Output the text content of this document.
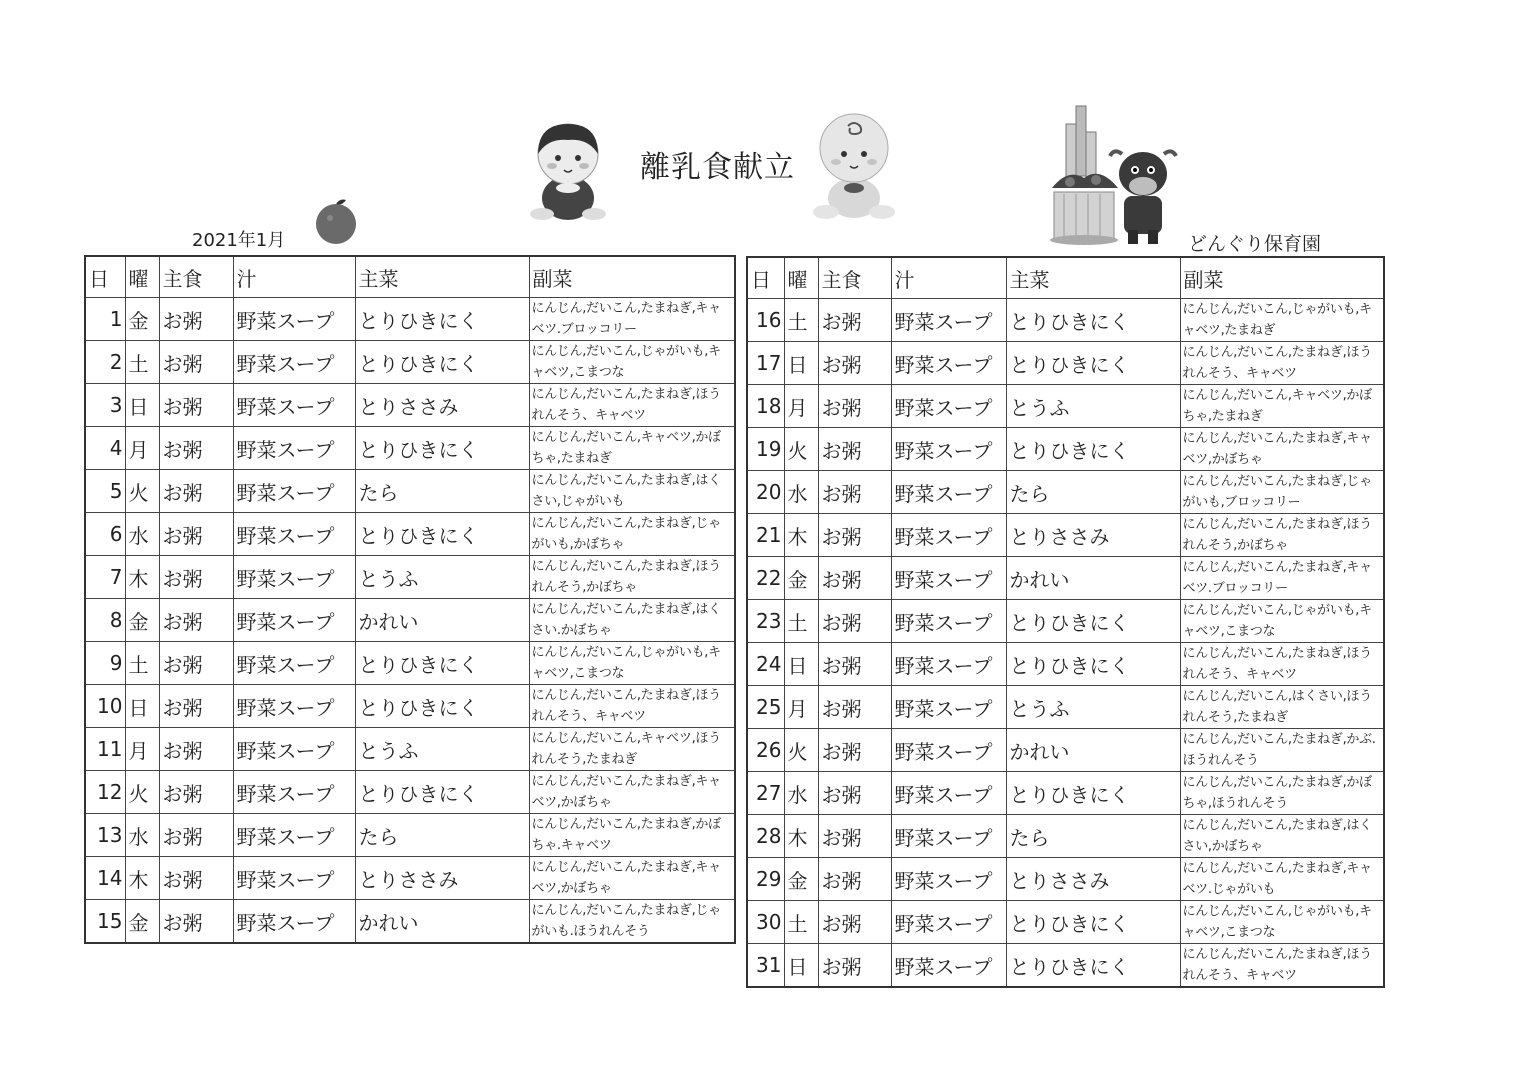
離乳食献立
2021年1月	どんぐり保育園
日	曜	主食	汁	主菜	副菜
1	金	お粥	野菜スープ	とりひきにく	にんじん,だいこん,たまねぎ,キャベツ.ブロッコリー
2	土	お粥	野菜スープ	とりひきにく	にんじん,だいこん,じゃがいも,キャベツ,こまつな
3	日	お粥	野菜スープ	とりささみ	にんじん,だいこん,たまねぎ,ほうれんそう、キャベツ
4	月	お粥	野菜スープ	とりひきにく	にんじん,だいこん,キャベツ,かぼちゃ,たまねぎ
5	火	お粥	野菜スープ	たら	にんじん,だいこん,たまねぎ,はくさい,じゃがいも
6	水	お粥	野菜スープ	とりひきにく	にんじん,だいこん,たまねぎ,じゃがいも,かぼちゃ
7	木	お粥	野菜スープ	とうふ	にんじん,だいこん,たまねぎ,ほうれんそう,かぼちゃ
8	金	お粥	野菜スープ	かれい	にんじん,だいこん,たまねぎ,はくさい.かぼちゃ
9	土	お粥	野菜スープ	とりひきにく	にんじん,だいこん,じゃがいも,キャベツ,こまつな
10	日	お粥	野菜スープ	とりひきにく	にんじん,だいこん,たまねぎ,ほうれんそう、キャベツ
11	月	お粥	野菜スープ	とうふ	にんじん,だいこん,キャベツ,ほうれんそう,たまねぎ
12	火	お粥	野菜スープ	とりひきにく	にんじん,だいこん,たまねぎ,キャベツ,かぼちゃ
13	水	お粥	野菜スープ	たら	にんじん,だいこん,たまねぎ,かぼちゃ.キャベツ
14	木	お粥	野菜スープ	とりささみ	にんじん,だいこん,たまねぎ,キャベツ,かぼちゃ
15	金	お粥	野菜スープ	かれい	にんじん,だいこん,たまねぎ,じゃがいも.ほうれんそう
日	曜	主食	汁	主菜	副菜
16	土	お粥	野菜スープ	とりひきにく	にんじん,だいこん,じゃがいも,キャベツ,たまねぎ
17	日	お粥	野菜スープ	とりひきにく	にんじん,だいこん,たまねぎ,ほうれんそう、キャベツ
18	月	お粥	野菜スープ	とうふ	にんじん,だいこん,キャベツ,かぼちゃ,たまねぎ
19	火	お粥	野菜スープ	とりひきにく	にんじん,だいこん,たまねぎ,キャベツ,かぼちゃ
20	水	お粥	野菜スープ	たら	にんじん,だいこん,たまねぎ,じゃがいも,ブロッコリー
21	木	お粥	野菜スープ	とりささみ	にんじん,だいこん,たまねぎ,ほうれんそう,かぼちゃ
22	金	お粥	野菜スープ	かれい	にんじん,だいこん,たまねぎ,キャベツ.ブロッコリー
23	土	お粥	野菜スープ	とりひきにく	にんじん,だいこん,じゃがいも,キャベツ,こまつな
24	日	お粥	野菜スープ	とりひきにく	にんじん,だいこん,たまねぎ,ほうれんそう、キャベツ
25	月	お粥	野菜スープ	とうふ	にんじん,だいこん,はくさい,ほうれんそう,たまねぎ
26	火	お粥	野菜スープ	かれい	にんじん,だいこん,たまねぎ,かぶ.ほうれんそう
27	水	お粥	野菜スープ	とりひきにく	にんじん,だいこん,たまねぎ,かぼちゃ,ほうれんそう
28	木	お粥	野菜スープ	たら	にんじん,だいこん,たまねぎ,はくさい,かぼちゃ
29	金	お粥	野菜スープ	とりささみ	にんじん,だいこん,たまねぎ,キャベツ.じゃがいも
30	土	お粥	野菜スープ	とりひきにく	にんじん,だいこん,じゃがいも,キャベツ,こまつな
31	日	お粥	野菜スープ	とりひきにく	にんじん,だいこん,たまねぎ,ほうれんそう、キャベツ
